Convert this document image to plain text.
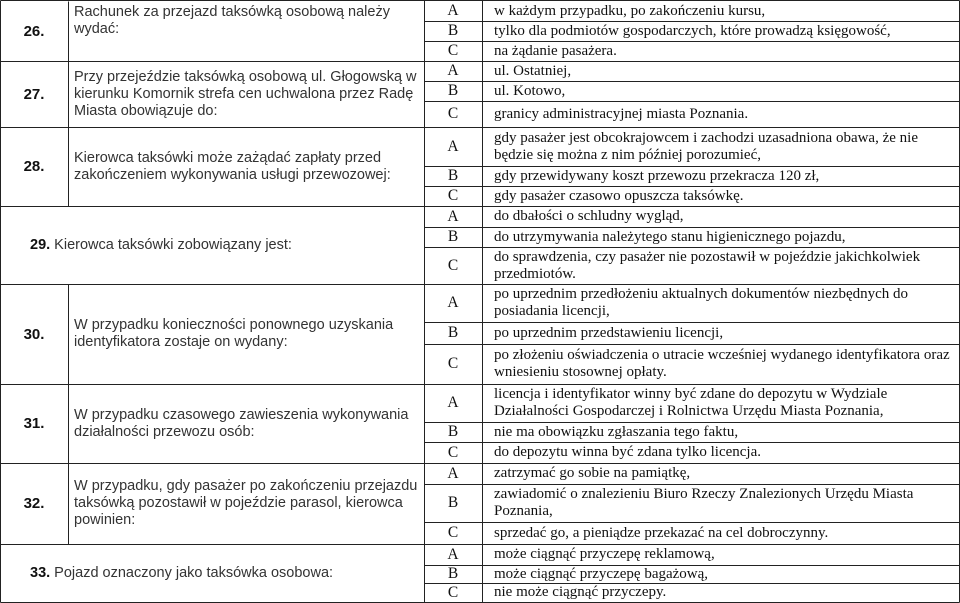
26.
Rachunek za przejazd taksówką osobową należy wydać:
A w każdym przypadku, po zakończeniu kursu,
B tylko dla podmiotów gospodarczych, które prowadzą księgowość,
C na żądanie pasażera.
27.
Przy przejeździe taksówką osobową ul. Głogowską w kierunku Komornik strefa cen uchwalona przez Radę Miasta obowiązuje do:
A ul. Ostatniej,
B ul. Kotowo,
C granicy administracyjnej miasta Poznania.
28.
Kierowca taksówki może zażądać zapłaty przed zakończeniem wykonywania usługi przewozowej:
A gdy pasażer jest obcokrajowcem i zachodzi uzasadniona obawa, że nie będzie się można z nim później porozumieć,
B gdy przewidywany koszt przewozu przekracza 120 zł,
C gdy pasażer czasowo opuszcza taksówkę.
29. Kierowca taksówki zobowiązany jest:
A do dbałości o schludny wygląd,
B do utrzymywania należytego stanu higienicznego pojazdu,
C do sprawdzenia, czy pasażer nie pozostawił w pojeździe jakichkolwiek przedmiotów.
30.
W przypadku konieczności ponownego uzyskania identyfikatora zostaje on wydany:
A po uprzednim przedłożeniu aktualnych dokumentów niezbędnych do posiadania licencji,
B po uprzednim przedstawieniu licencji,
C po złożeniu oświadczenia o utracie wcześniej wydanego identyfikatora oraz wniesieniu stosownej opłaty.
31.
W przypadku czasowego zawieszenia wykonywania działalności przewozu osób:
A licencja i identyfikator winny być zdane do depozytu w Wydziale Działalności Gospodarczej i Rolnictwa Urzędu Miasta Poznania,
B nie ma obowiązku zgłaszania tego faktu,
C do depozytu winna być zdana tylko licencja.
32.
W przypadku, gdy pasażer po zakończeniu przejazdu taksówką pozostawił w pojeździe parasol, kierowca powinien:
A zatrzymać go sobie na pamiątkę,
B zawiadomić o znalezieniu Biuro Rzeczy Znalezionych Urzędu Miasta Poznania,
C sprzedać go, a pieniądze przekazać na cel dobroczynny.
33. Pojazd oznaczony jako taksówka osobowa:
A może ciągnąć przyczepę reklamową,
B może ciągnąć przyczepę bagażową,
C nie może ciągnąć przyczepy.
